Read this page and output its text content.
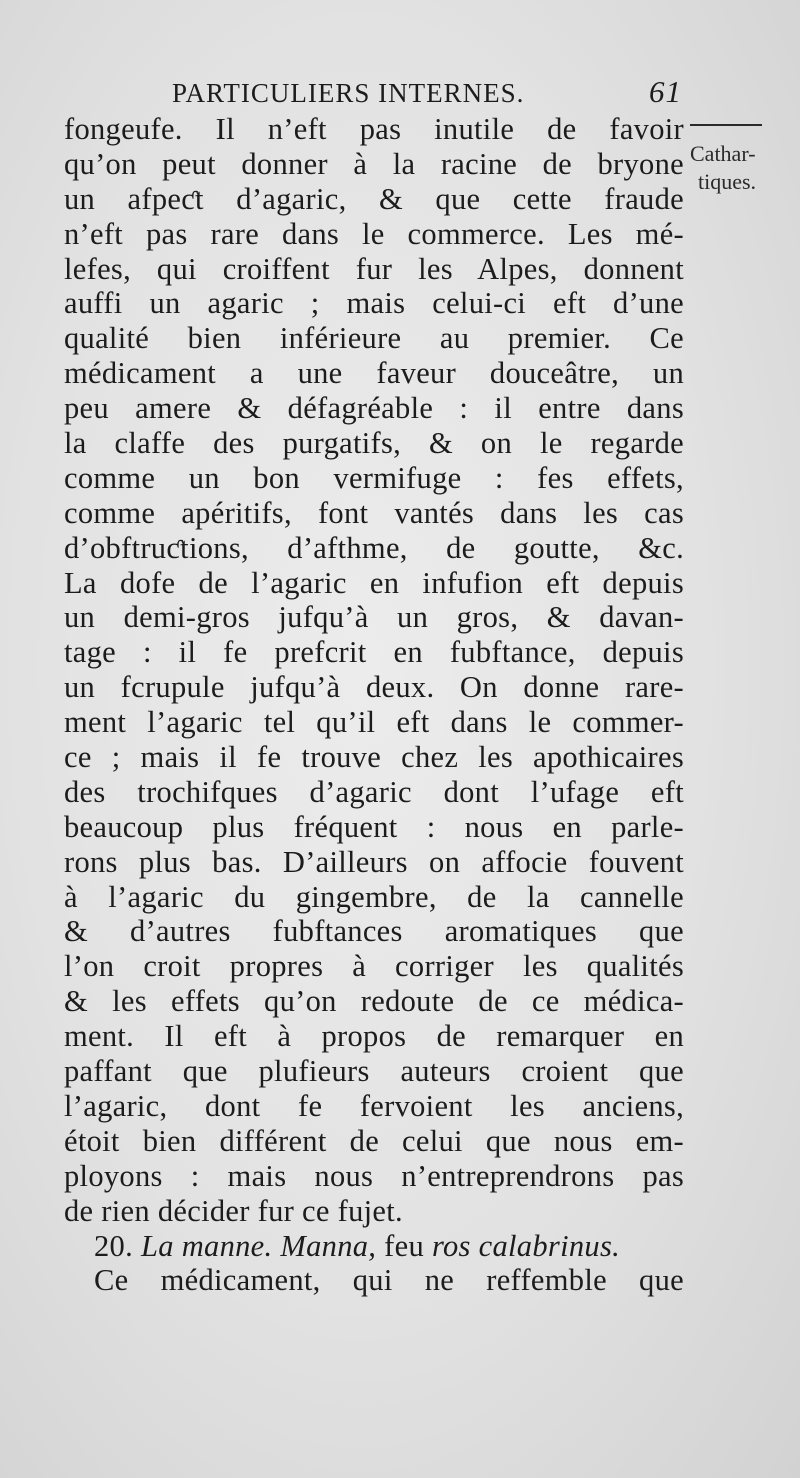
PARTICULIERS INTERNES.	61
Cathar-
tiques.
fongeufe. Il n’eft pas inutile de favoir
qu’on peut donner à la racine de bryone
un afpeƈt d’agaric, & que cette fraude
n’eft pas rare dans le commerce. Les mé-
lefes, qui croiffent fur les Alpes, donnent
auffi un agaric ; mais celui-ci eft d’une
qualité bien inférieure au premier. Ce
médicament a une faveur douceâtre, un
peu amere & défagréable : il entre dans
la claffe des purgatifs, & on le regarde
comme un bon vermifuge : fes effets,
comme apéritifs, font vantés dans les cas
d’obftruƈtions, d’afthme, de goutte, &c.
La dofe de l’agaric en infufion eft depuis
un demi-gros jufqu’à un gros, & davan-
tage : il fe prefcrit en fubftance, depuis
un fcrupule jufqu’à deux. On donne rare-
ment l’agaric tel qu’il eft dans le commer-
ce ; mais il fe trouve chez les apothicaires
des trochifques d’agaric dont l’ufage eft
beaucoup plus fréquent : nous en parle-
rons plus bas. D’ailleurs on affocie fouvent
à l’agaric du gingembre, de la cannelle
& d’autres fubftances aromatiques que
l’on croit propres à corriger les qualités
& les effets qu’on redoute de ce médica-
ment. Il eft à propos de remarquer en
paffant que plufieurs auteurs croient que
l’agaric, dont fe fervoient les anciens,
étoit bien différent de celui que nous em-
ployons : mais nous n’entreprendrons pas
de rien décider fur ce fujet.
20. La manne. Manna, feu ros calabrinus.
Ce médicament, qui ne reffemble que
